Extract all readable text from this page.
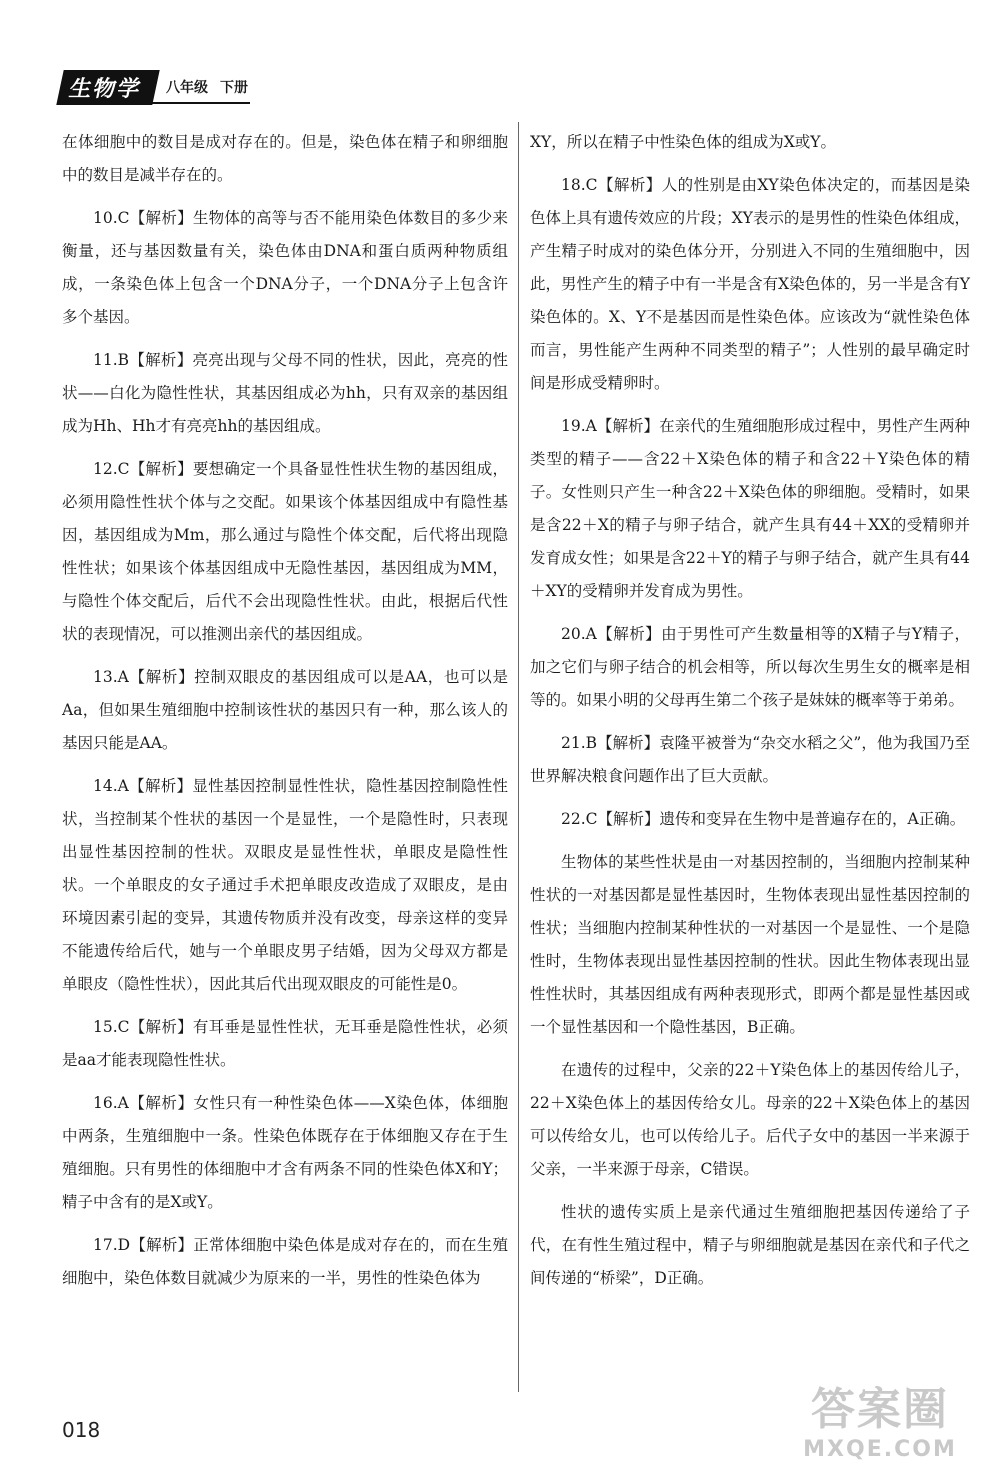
生物学	八年级 下册

在体细胞中的数目是成对存在的。但是，染色体在精子和卵细胞中的数目是减半存在的。

10.C【解析】生物体的高等与否不能用染色体数目的多少来衡量，还与基因数量有关，染色体由DNA和蛋白质两种物质组成，一条染色体上包含一个DNA分子，一个DNA分子上包含许多个基因。

11.B【解析】亮亮出现与父母不同的性状，因此，亮亮的性状——白化为隐性性状，其基因组成必为hh，只有双亲的基因组成为Hh、Hh才有亮亮hh的基因组成。

12.C【解析】要想确定一个具备显性性状生物的基因组成，必须用隐性性状个体与之交配。如果该个体基因组成中有隐性基因，基因组成为Mm，那么通过与隐性个体交配，后代将出现隐性性状；如果该个体基因组成中无隐性基因，基因组成为MM，与隐性个体交配后，后代不会出现隐性性状。由此，根据后代性状的表现情况，可以推测出亲代的基因组成。

13.A【解析】控制双眼皮的基因组成可以是AA，也可以是Aa，但如果生殖细胞中控制该性状的基因只有一种，那么该人的基因只能是AA。

14.A【解析】显性基因控制显性性状，隐性基因控制隐性性状，当控制某个性状的基因一个是显性，一个是隐性时，只表现出显性基因控制的性状。双眼皮是显性性状，单眼皮是隐性性状。一个单眼皮的女子通过手术把单眼皮改造成了双眼皮，是由环境因素引起的变异，其遗传物质并没有改变，母亲这样的变异不能遗传给后代，她与一个单眼皮男子结婚，因为父母双方都是单眼皮（隐性性状），因此其后代出现双眼皮的可能性是0。

15.C【解析】有耳垂是显性性状，无耳垂是隐性性状，必须是aa才能表现隐性性状。

16.A【解析】女性只有一种性染色体——X染色体，体细胞中两条，生殖细胞中一条。性染色体既存在于体细胞又存在于生殖细胞。只有男性的体细胞中才含有两条不同的性染色体X和Y；精子中含有的是X或Y。

17.D【解析】正常体细胞中染色体是成对存在的，而在生殖细胞中，染色体数目就减少为原来的一半，男性的性染色体为

XY，所以在精子中性染色体的组成为X或Y。

18.C【解析】人的性别是由XY染色体决定的，而基因是染色体上具有遗传效应的片段；XY表示的是男性的性染色体组成，产生精子时成对的染色体分开，分别进入不同的生殖细胞中，因此，男性产生的精子中有一半是含有X染色体的，另一半是含有Y染色体的。X、Y不是基因而是性染色体。应该改为“就性染色体而言，男性能产生两种不同类型的精子”；人性别的最早确定时间是形成受精卵时。

19.A【解析】在亲代的生殖细胞形成过程中，男性产生两种类型的精子——含22＋X染色体的精子和含22＋Y染色体的精子。女性则只产生一种含22＋X染色体的卵细胞。受精时，如果是含22＋X的精子与卵子结合，就产生具有44＋XX的受精卵并发育成女性；如果是含22＋Y的精子与卵子结合，就产生具有44＋XY的受精卵并发育成为男性。

20.A【解析】由于男性可产生数量相等的X精子与Y精子，加之它们与卵子结合的机会相等，所以每次生男生女的概率是相等的。如果小明的父母再生第二个孩子是妹妹的概率等于弟弟。

21.B【解析】袁隆平被誉为“杂交水稻之父”，他为我国乃至世界解决粮食问题作出了巨大贡献。

22.C【解析】遗传和变异在生物中是普遍存在的，A正确。

生物体的某些性状是由一对基因控制的，当细胞内控制某种性状的一对基因都是显性基因时，生物体表现出显性基因控制的性状；当细胞内控制某种性状的一对基因一个是显性、一个是隐性时，生物体表现出显性基因控制的性状。因此生物体表现出显性性状时，其基因组成有两种表现形式，即两个都是显性基因或一个显性基因和一个隐性基因，B正确。

在遗传的过程中，父亲的22＋Y染色体上的基因传给儿子，22＋X染色体上的基因传给女儿。母亲的22＋X染色体上的基因可以传给女儿，也可以传给儿子。后代子女中的基因一半来源于父亲，一半来源于母亲，C错误。

性状的遗传实质上是亲代通过生殖细胞把基因传递给了子代，在有性生殖过程中，精子与卵细胞就是基因在亲代和子代之间传递的“桥梁”，D正确。

018	答案圈
MXQE.COM
